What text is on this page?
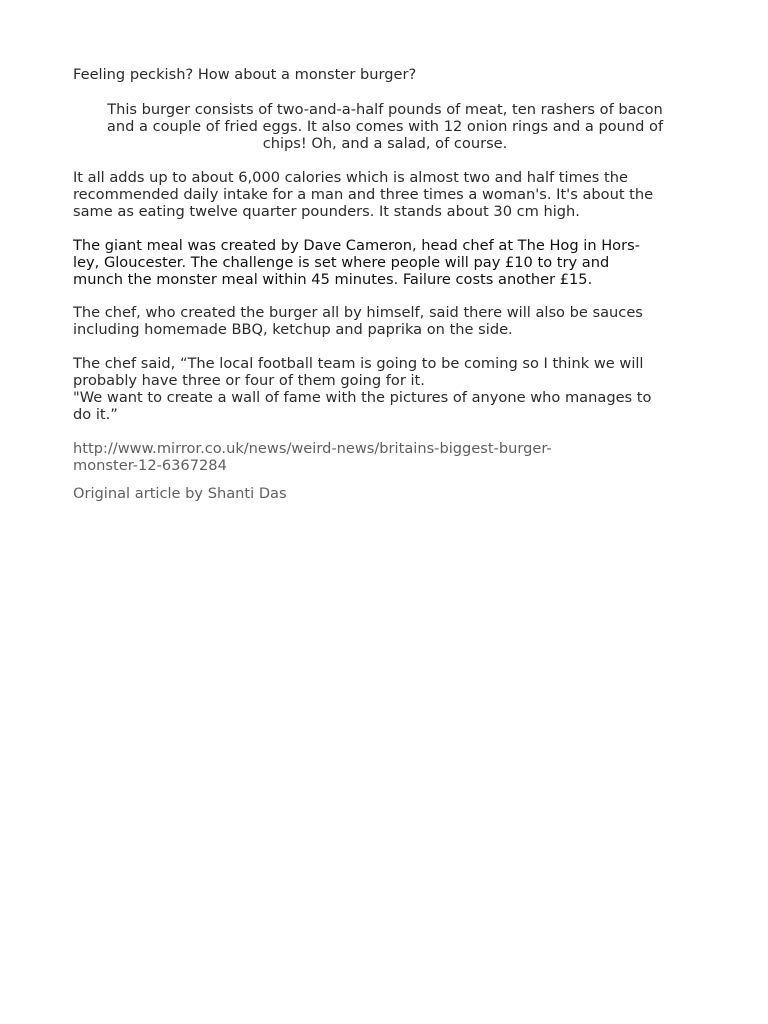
Feeling peckish? How about a monster burger?

This burger consists of two-and-a-half pounds of meat, ten rashers of bacon
and a couple of fried eggs. It also comes with 12 onion rings and a pound of
chips! Oh, and a salad, of course.

It all adds up to about 6,000 calories which is almost two and half times the
recommended daily intake for a man and three times a woman's. It's about the
same as eating twelve quarter pounders. It stands about 30 cm high.

The giant meal was created by Dave Cameron, head chef at The Hog in Hors-
ley, Gloucester. The challenge is set where people will pay £10 to try and
munch the monster meal within 45 minutes. Failure costs another £15.

The chef, who created the burger all by himself, said there will also be sauces
including homemade BBQ, ketchup and paprika on the side.

The chef said, “The local football team is going to be coming so I think we will
probably have three or four of them going for it.
"We want to create a wall of fame with the pictures of anyone who manages to
do it.”

http://www.mirror.co.uk/news/weird-news/britains-biggest-burger-
monster-12-6367284

Original article by Shanti Das
